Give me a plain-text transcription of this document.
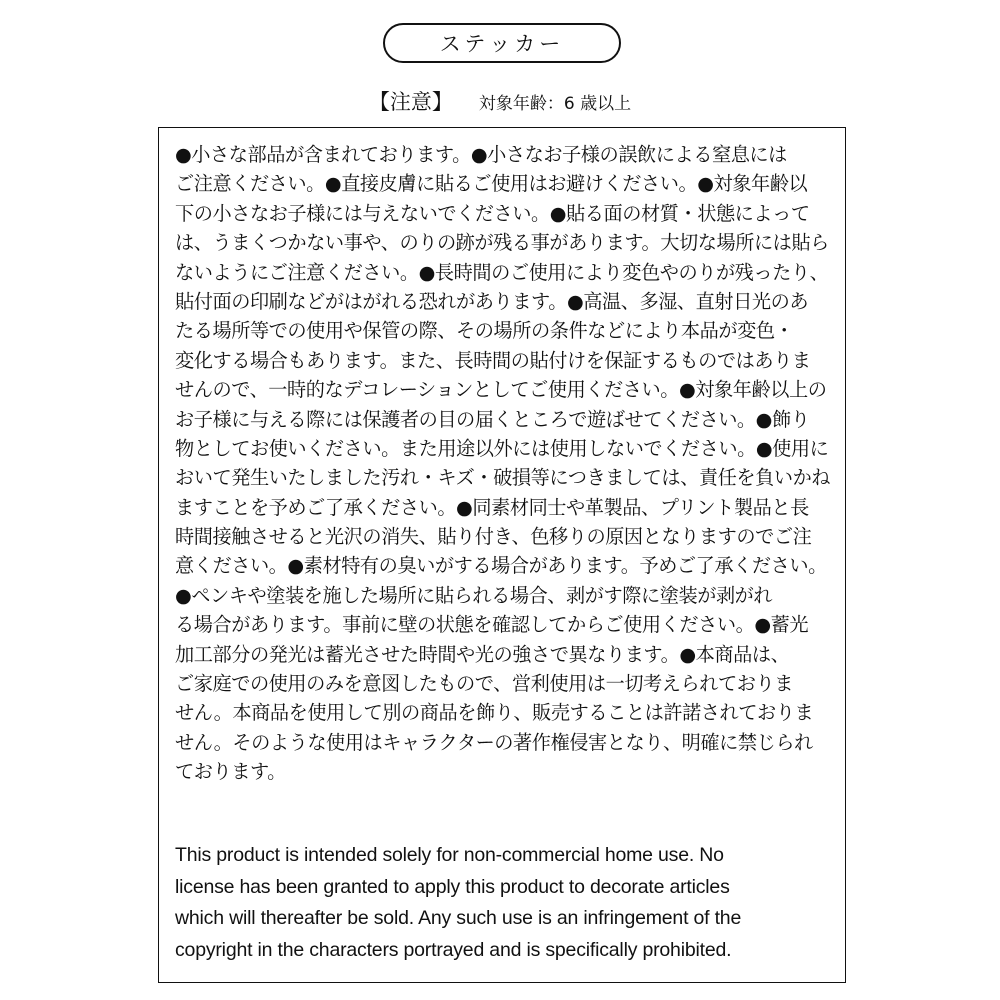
ステッカー
【注意】 対象年齢：6 歳以上
●小さな部品が含まれております。●小さなお子様の誤飲による窒息には
ご注意ください。●直接皮膚に貼るご使用はお避けください。●対象年齢以
下の小さなお子様には与えないでください。●貼る面の材質・状態によって
は、うまくつかない事や、のりの跡が残る事があります。大切な場所には貼ら
ないようにご注意ください。●長時間のご使用により変色やのりが残ったり、
貼付面の印刷などがはがれる恐れがあります。●高温、多湿、直射日光のあ
たる場所等での使用や保管の際、その場所の条件などにより本品が変色・
変化する場合もあります。また、長時間の貼付けを保証するものではありま
せんので、一時的なデコレーションとしてご使用ください。●対象年齢以上の
お子様に与える際には保護者の目の届くところで遊ばせてください。●飾り
物としてお使いください。また用途以外には使用しないでください。●使用に
おいて発生いたしました汚れ・キズ・破損等につきましては、責任を負いかね
ますことを予めご了承ください。●同素材同士や革製品、プリント製品と長
時間接触させると光沢の消失、貼り付き、色移りの原因となりますのでご注
意ください。●素材特有の臭いがする場合があります。予めご了承ください。
●ペンキや塗装を施した場所に貼られる場合、剥がす際に塗装が剥がれ
る場合があります。事前に壁の状態を確認してからご使用ください。●蓄光
加工部分の発光は蓄光させた時間や光の強さで異なります。●本商品は、
ご家庭での使用のみを意図したもので、営利使用は一切考えられておりま
せん。本商品を使用して別の商品を飾り、販売することは許諾されておりま
せん。そのような使用はキャラクターの著作権侵害となり、明確に禁じられ
ております。
This product is intended solely for non-commercial home use. No
license has been granted to apply this product to decorate articles
which will thereafter be sold. Any such use is an infringement of the
copyright in the characters portrayed and is specifically prohibited.
